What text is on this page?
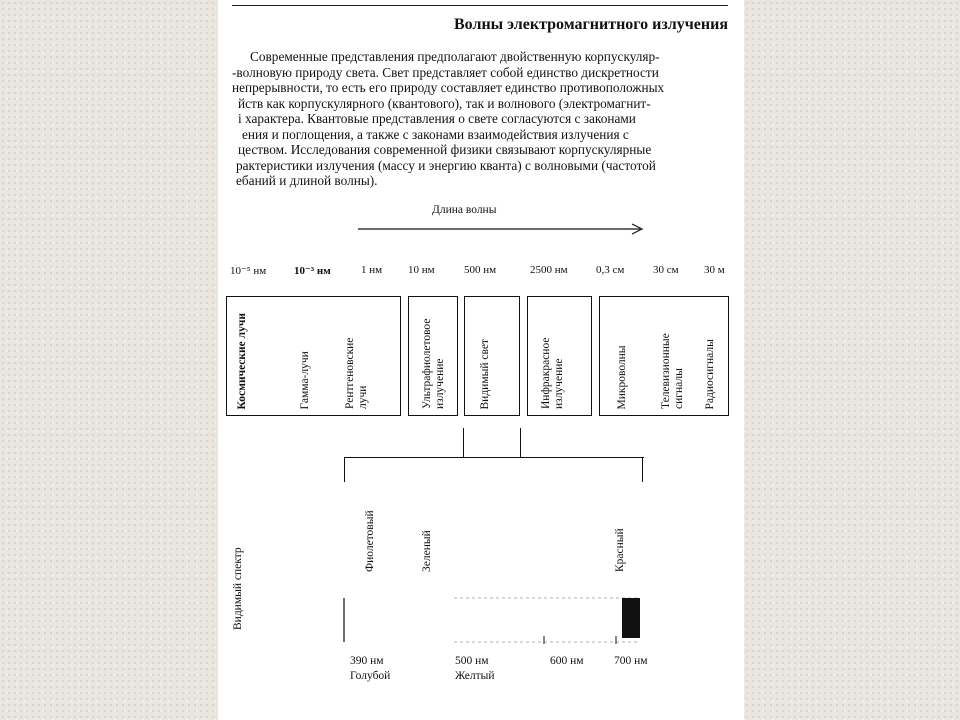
Волны электромагнитного излучения
Современные представления предполагают двойственную корпускуляр-
-волновую природу света. Свет представляет собой единство дискретности
непрерывности, то есть его природу составляет единство противоположных
йств как корпускулярного (квантового), так и волнового (электромагнит-
і характера. Квантовые представления о свете согласуются с законами
ения и поглощения, а также с законами взаимодействия излучения с
цеством. Исследования современной физики связывают корпускулярные
рактеристики излучения (массу и энергию кванта) с волновыми (частотой
ебаний и длиной волны).
Длина волны
10⁻⁵ нм	10⁻³ нм	1 нм 10 нм	500 нм	2500 нм	0,3 см	30 см 30 м
Космические лучи	Гамма-лучи	Рентгеновские
лучи	Ультрафиолетовое
излучение	Видимый свет	Инфракрасное
излучение	Микроволны	Телевизионные
сигналы Радиосигналы
Видимый спектр
Фиолетовый	Зеленый	Красный
390 нм	500 нм	600 нм	700 нм
Голубой	Желтый
